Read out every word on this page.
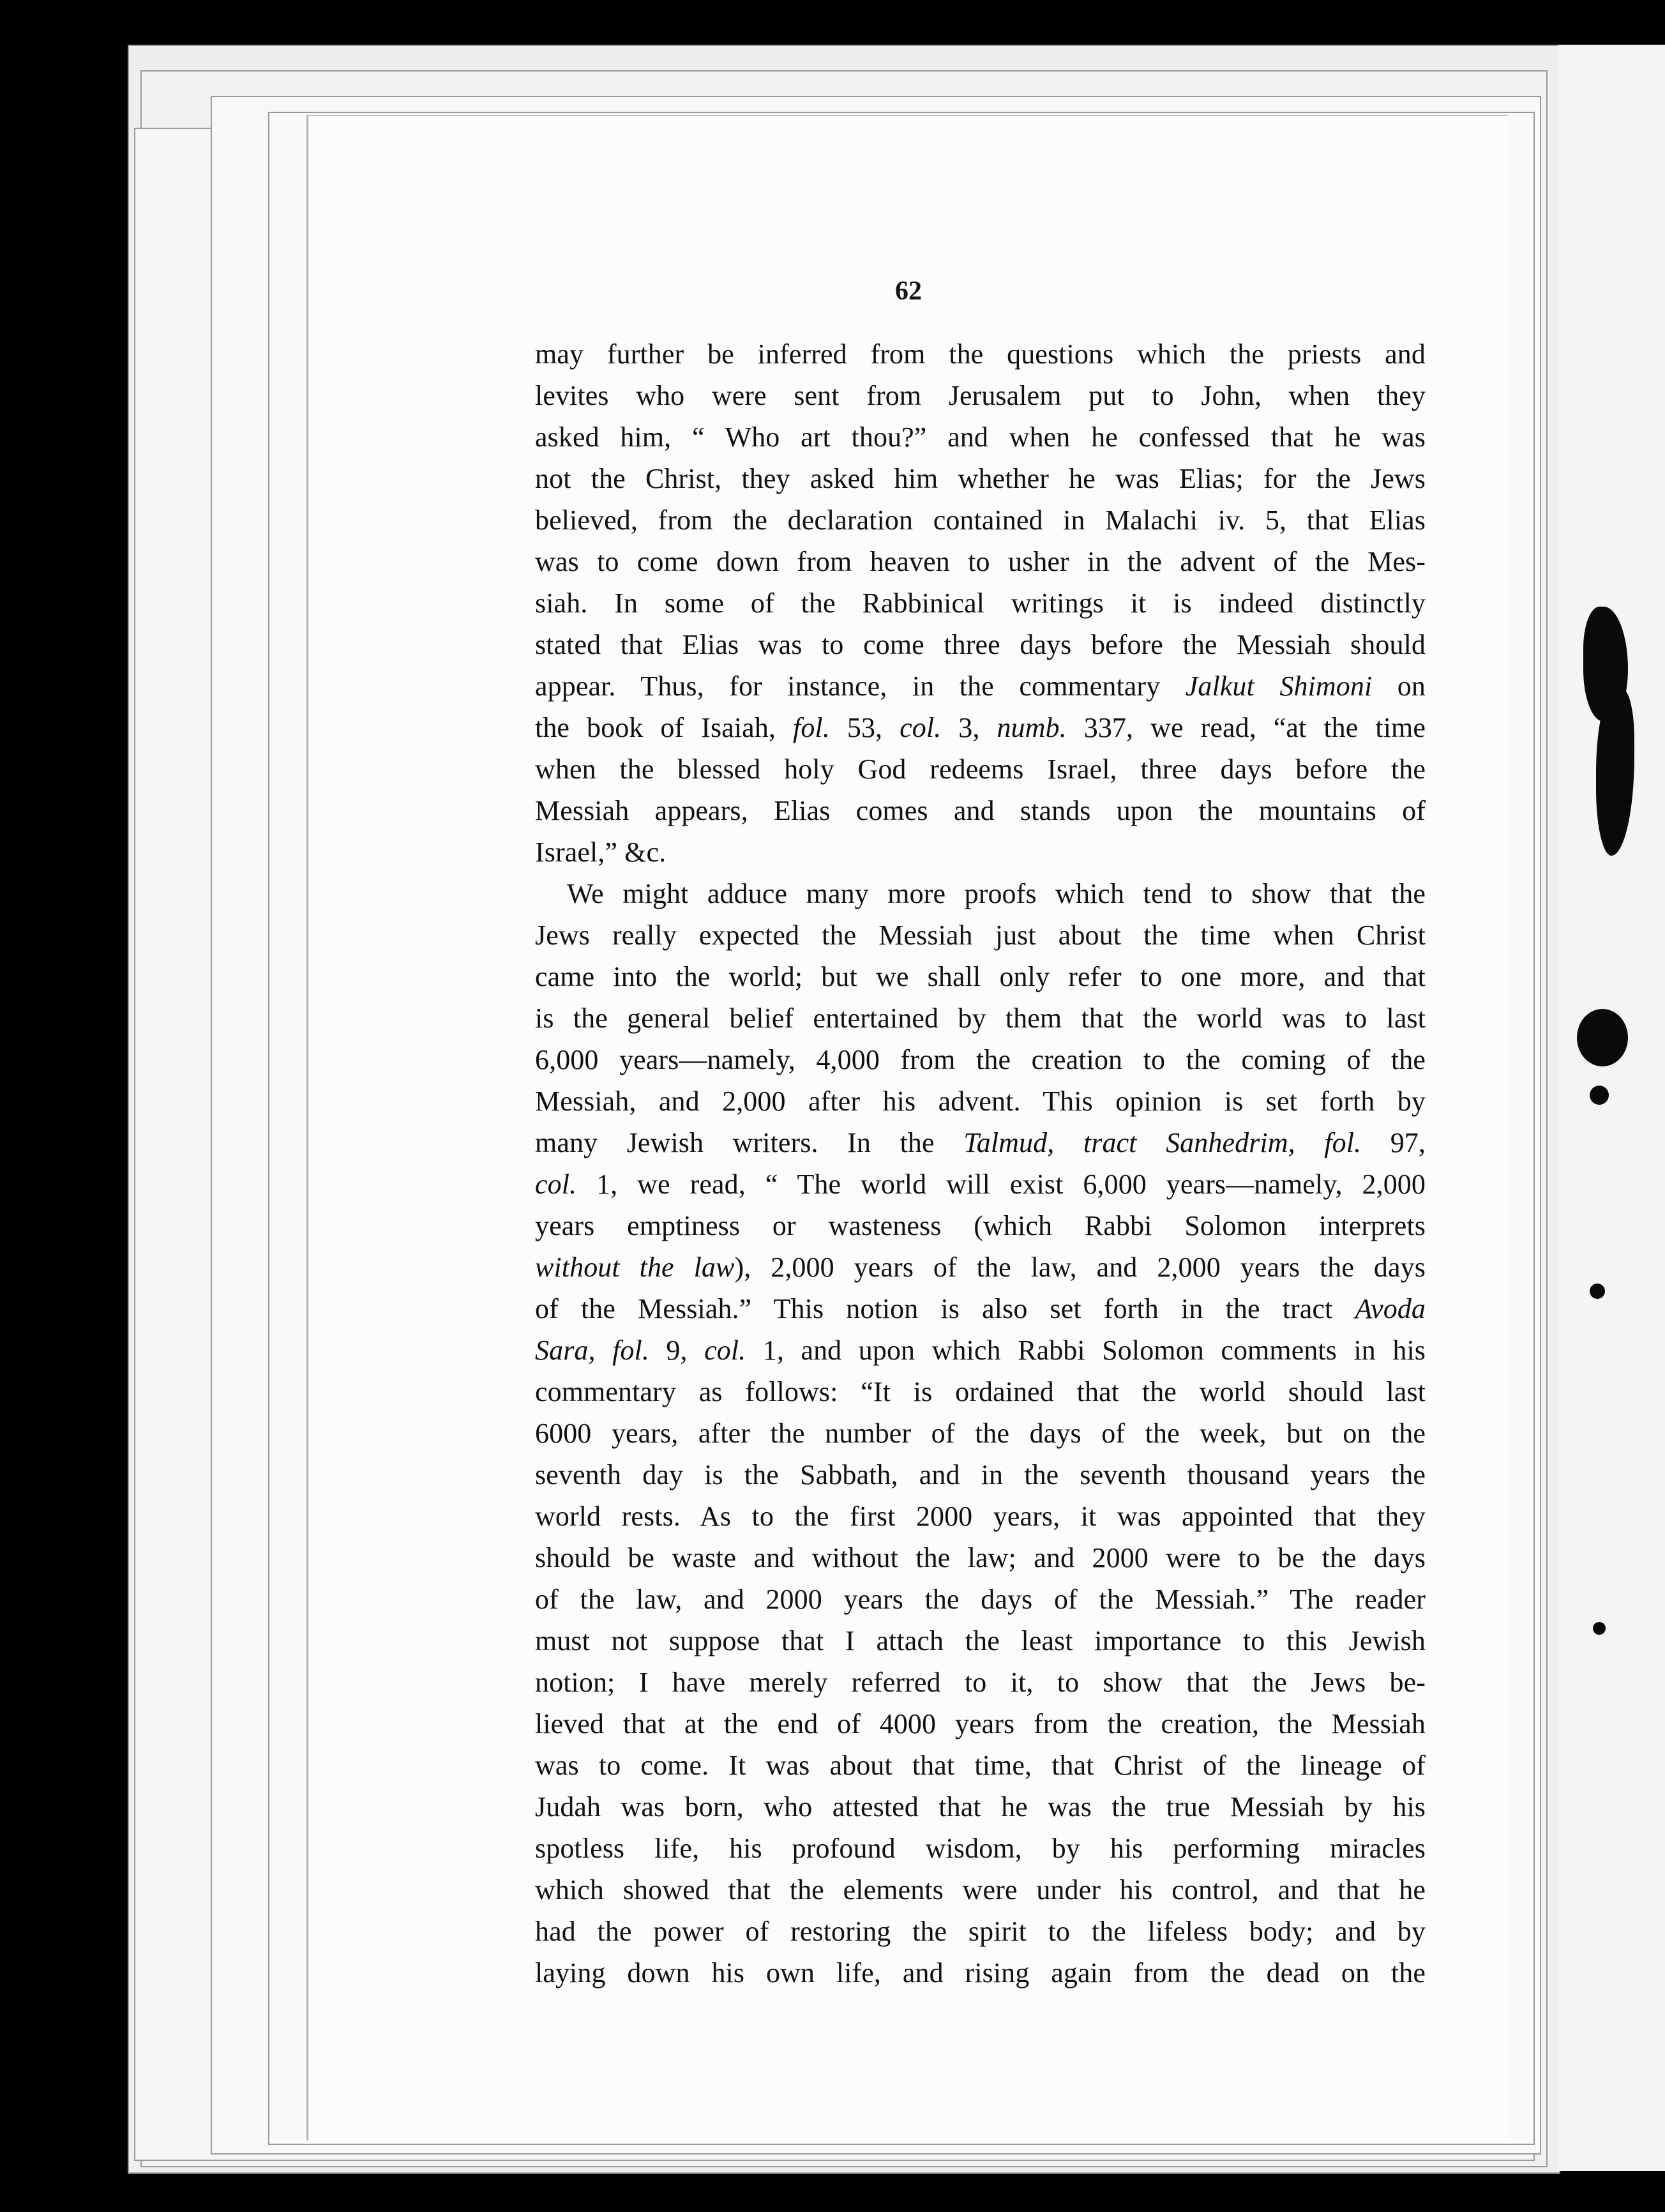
62

may further be inferred from the questions which the priests and
levites who were sent from Jerusalem put to John, when they
asked him, “ Who art thou?” and when he confessed that he was
not the Christ, they asked him whether he was Elias; for the Jews
believed, from the declaration contained in Malachi iv. 5, that Elias
was to come down from heaven to usher in the advent of the Mes-
siah. In some of the Rabbinical writings it is indeed distinctly
stated that Elias was to come three days before the Messiah should
appear. Thus, for instance, in the commentary Jalkut Shimoni on
the book of Isaiah, fol. 53, col. 3, numb. 337, we read, “at the time
when the blessed holy God redeems Israel, three days before the
Messiah appears, Elias comes and stands upon the mountains of
Israel,” &c.

We might adduce many more proofs which tend to show that the
Jews really expected the Messiah just about the time when Christ
came into the world; but we shall only refer to one more, and that
is the general belief entertained by them that the world was to last
6,000 years—namely, 4,000 from the creation to the coming of the
Messiah, and 2,000 after his advent. This opinion is set forth by
many Jewish writers. In the Talmud, tract Sanhedrim, fol. 97,
col. 1, we read, “ The world will exist 6,000 years—namely, 2,000
years emptiness or wasteness (which Rabbi Solomon interprets
without the law), 2,000 years of the law, and 2,000 years the days
of the Messiah.” This notion is also set forth in the tract Avoda
Sara, fol. 9, col. 1, and upon which Rabbi Solomon comments in his
commentary as follows: “It is ordained that the world should last
6000 years, after the number of the days of the week, but on the
seventh day is the Sabbath, and in the seventh thousand years the
world rests. As to the first 2000 years, it was appointed that they
should be waste and without the law; and 2000 were to be the days
of the law, and 2000 years the days of the Messiah.” The reader
must not suppose that I attach the least importance to this Jewish
notion; I have merely referred to it, to show that the Jews be-
lieved that at the end of 4000 years from the creation, the Messiah
was to come. It was about that time, that Christ of the lineage of
Judah was born, who attested that he was the true Messiah by his
spotless life, his profound wisdom, by his performing miracles
which showed that the elements were under his control, and that he
had the power of restoring the spirit to the lifeless body; and by
laying down his own life, and rising again from the dead on the
